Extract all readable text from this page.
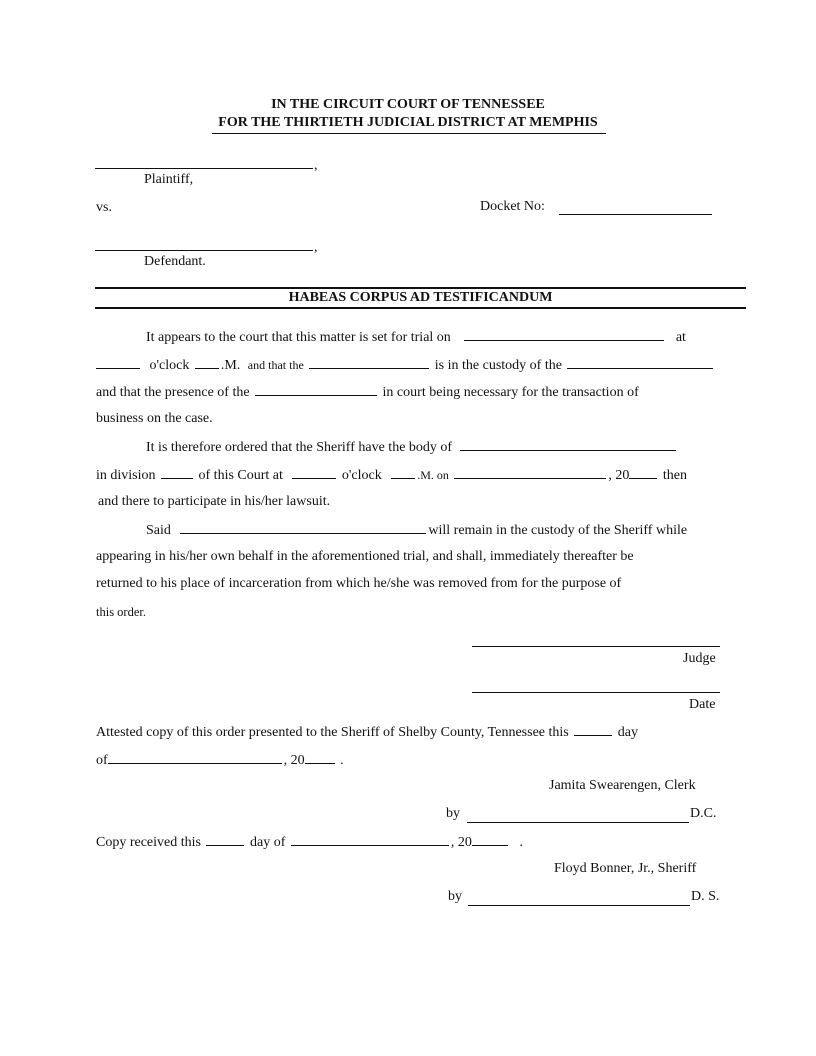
IN THE CIRCUIT COURT OF TENNESSEE
FOR THE THIRTIETH JUDICIAL DISTRICT AT MEMPHIS
,
Plaintiff,
vs.	Docket No:
,
Defendant.
HABEAS CORPUS AD TESTIFICANDUM
It appears to the court that this matter is set for trial on	at
o'clock .M. and that the	is in the custody of the
and that the presence of the	in court being necessary for the transaction of
business on the case.
It is therefore ordered that the Sheriff have the body of
in division	of this Court at	o'clock	.M. on	, 20 then
and there to participate in his/her lawsuit.
Said	will remain in the custody of the Sheriff while
appearing in his/her own behalf in the aforementioned trial, and shall, immediately thereafter be
returned to his place of incarceration from which he/she was removed from for the purpose of
this order.
Judge
Date
Attested copy of this order presented to the Sheriff of Shelby County, Tennessee this	day
of	, 20	.
Jamita Swearengen, Clerk
by	D.C.
Copy received this	day of	, 20	.
Floyd Bonner, Jr., Sheriff
by	D. S.
